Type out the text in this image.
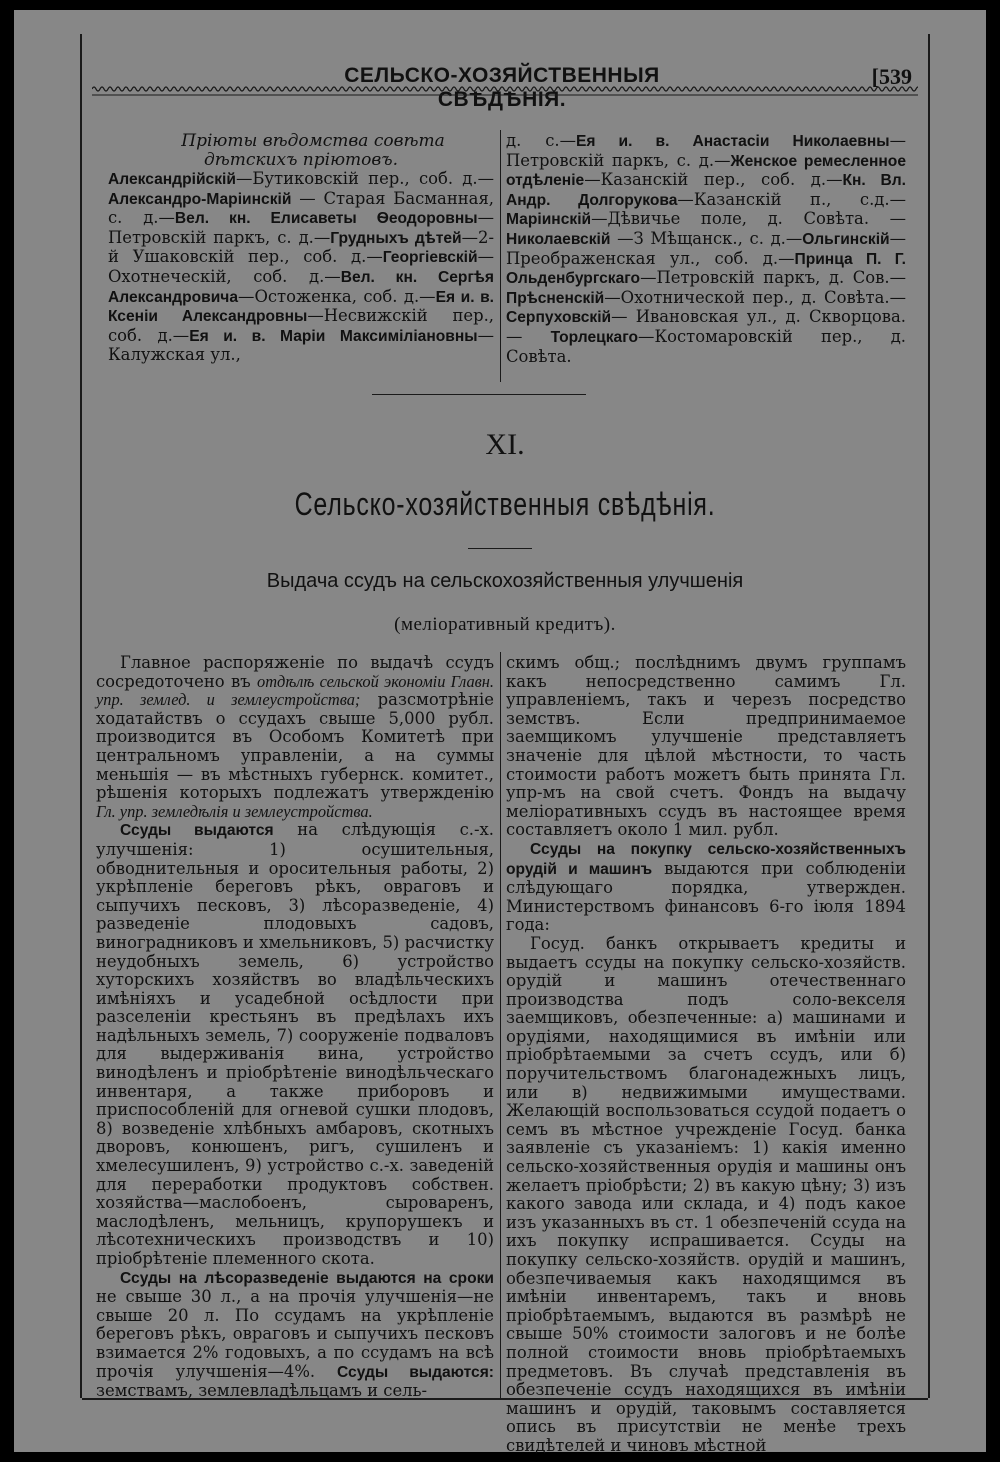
СЕЛЬСКО-ХОЗЯЙСТВЕННЫЯ СВѢДѢНІЯ.
[539

Пріюты вѣдомства совѣта дѣтскихъ пріютовъ.

Александрійскій—Бутиковскій пер., соб. д.— Александро-Маріинскій — Старая Басманная, с. д.—Вел. кн. Елисаветы Ѳеодоровны—Петровскій паркъ, с. д.—Грудныхъ дѣтей—2-й Ушаковскій пер., соб. д.—Георгіевскій—Охотнеческій, соб. д.—Вел. кн. Сергѣя Александровича—Остоженка, соб. д.—Ея и. в. Ксеніи Александровны—Несвижскій пер., соб. д.—Ея и. в. Маріи Максиміліановны—Калужская ул.,

д. с.—Ея и. в. Анастасіи Николаевны—Петровскій паркъ, с. д.—Женское ремесленное отдѣленіе—Казанскій пер., соб. д.—Кн. Вл. Андр. Долгорукова—Казанскій п., с.д.—Маріинскій—Дѣвичье поле, д. Совѣта. — Николаевскій —З Мѣщанск., с. д.—Ольгинскій—Преображенская ул., соб. д.—Принца П. Г. Ольденбургскаго—Петровскій паркъ, д. Сов.—Прѣсненскій—Охотнической пер., д. Совѣта.—Серпуховскій— Ивановская ул., д. Скворцова. — Торлецкаго—Костомаровскій пер., д. Совѣта.

XI.
Сельско-хозяйственныя свѣдѣнія.
Выдача ссудъ на сельскохозяйственныя улучшенія
(меліоративный кредитъ).

Главное распоряженіе по выдачѣ ссудъ сосредоточено въ отдѣлѣ сельской экономіи Главн. упр. землед. и землеустройства; разсмотрѣніе ходатайствъ о ссудахъ свыше 5,000 рубл. производится въ Особомъ Комитетѣ при центральномъ управленіи, а на суммы меньшія — въ мѣстныхъ губернск. комитет., рѣшенія которыхъ подлежатъ утвержденію Гл. упр. земледѣлія и землеустройства.

Ссуды выдаются на слѣдующія с.-х. улучшенія: 1) осушительныя, обводнительныя и оросительныя работы, 2) укрѣпленіе береговъ рѣкъ, овраговъ и сыпучихъ песковъ, 3) лѣсоразведеніе, 4) разведеніе плодовыхъ садовъ, виноградниковъ и хмельниковъ, 5) расчистку неудобныхъ земель, 6) устройство хуторскихъ хозяйствъ во владѣльческихъ имѣніяхъ и усадебной осѣдлости при разселеніи крестьянъ въ предѣлахъ ихъ надѣльныхъ земель, 7) сооруженіе подваловъ для выдерживанія вина, устройство винодѣленъ и пріобрѣтеніе винодѣльческаго инвентаря, а также приборовъ и приспособленій для огневой сушки плодовъ, 8) возведеніе хлѣбныхъ амбаровъ, скотныхъ дворовъ, конюшенъ, ригъ, сушиленъ и хмелесушиленъ, 9) устройство с.-х. заведеній для переработки продуктовъ собствен. хозяйства—маслобоенъ, сыроваренъ, маслодѣленъ, мельницъ, крупорушекъ и лѣсотехническихъ производствъ и 10) пріобрѣтеніе племенного скота.

Ссуды на лѣсоразведеніе выдаются на сроки не свыше 30 л., а на прочія улучшенія—не свыше 20 л. По ссудамъ на укрѣпленіе береговъ рѣкъ, овраговъ и сыпучихъ песковъ взимается 2% годовыхъ, а по ссудамъ на всѣ прочія улучшенія—4%. Ссуды выдаются: земствамъ, землевладѣльцамъ и сель-

скимъ общ.; послѣднимъ двумъ группамъ какъ непосредственно самимъ Гл. управленіемъ, такъ и черезъ посредство земствъ. Если предпринимаемое заемщикомъ улучшеніе представляетъ значеніе для цѣлой мѣстности, то часть стоимости работъ можетъ быть принята Гл. упр-мъ на свой счетъ. Фондъ на выдачу меліоративныхъ ссудъ въ настоящее время составляетъ около 1 мил. рубл.

Ссуды на покупку сельско-хозяйственныхъ орудій и машинъ выдаются при соблюденіи слѣдующаго порядка, утвержден. Министерствомъ финансовъ 6-го іюля 1894 года:

Госуд. банкъ открываетъ кредиты и выдаетъ ссуды на покупку сельско-хозяйств. орудій и машинъ отечественнаго производства подъ соло-векселя заемщиковъ, обезпеченные: а) машинами и орудіями, находящимися въ имѣніи или пріобрѣтаемыми за счетъ ссудъ, или б) поручительствомъ благонадежныхъ лицъ, или в) недвижимыми имуществами. Желающій воспользоваться ссудой подаетъ о семъ въ мѣстное учрежденіе Госуд. банка заявленіе съ указаніемъ: 1) какія именно сельско-хозяйственныя орудія и машины онъ желаетъ пріобрѣсти; 2) въ какую цѣну; 3) изъ какого завода или склада, и 4) подъ какое изъ указанныхъ въ ст. 1 обезпеченій ссуда на ихъ покупку испрашивается. Ссуды на покупку сельско-хозяйств. орудій и машинъ, обезпечиваемыя какъ находящимся въ имѣніи инвентаремъ, такъ и вновь пріобрѣтаемымъ, выдаются въ размѣрѣ не свыше 50% стоимости залоговъ и не болѣе полной стоимости вновь пріобрѣтаемыхъ предметовъ. Въ случаѣ представленія въ обезпеченіе ссудъ находящихся въ имѣніи машинъ и орудій, таковымъ составляется опись въ присутствіи не менѣе трехъ свидѣтелей и чиновъ мѣстной
